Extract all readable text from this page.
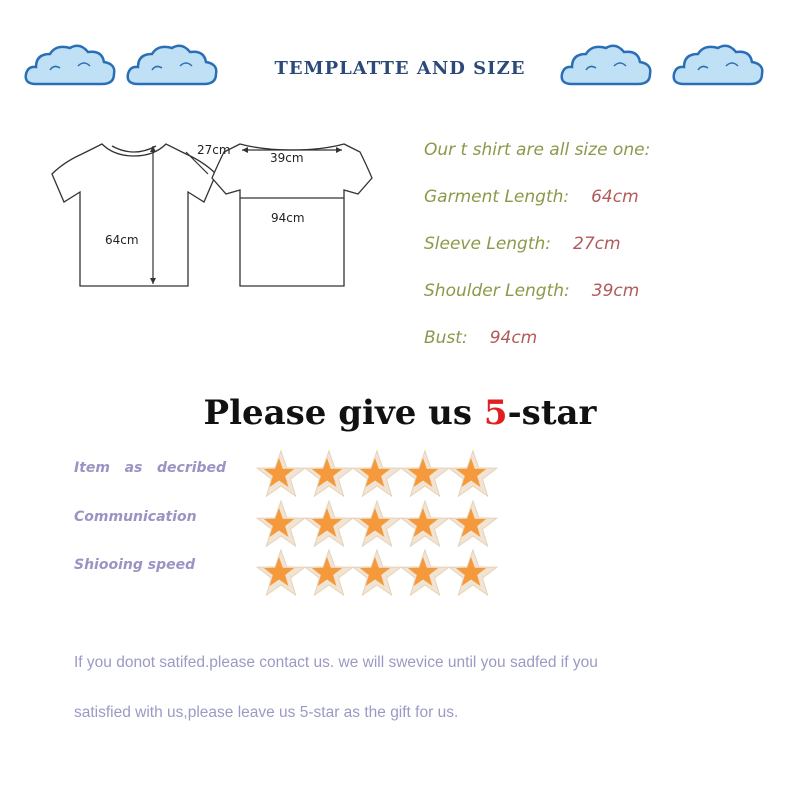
TEMPLATTE AND SIZE
64cm
27cm
39cm
94cm
Our t shirt are all size one:
Garment Length: 64cm
Sleeve Length: 27cm
Shoulder Length: 39cm
Bust: 94cm
Please give us 5-star
Item   as   decribed
Communication
Shiooing speed
If you donot satifed.please contact us. we will swevice until you sadfed if you
satisfied with us,please leave us 5-star as the gift for us.
